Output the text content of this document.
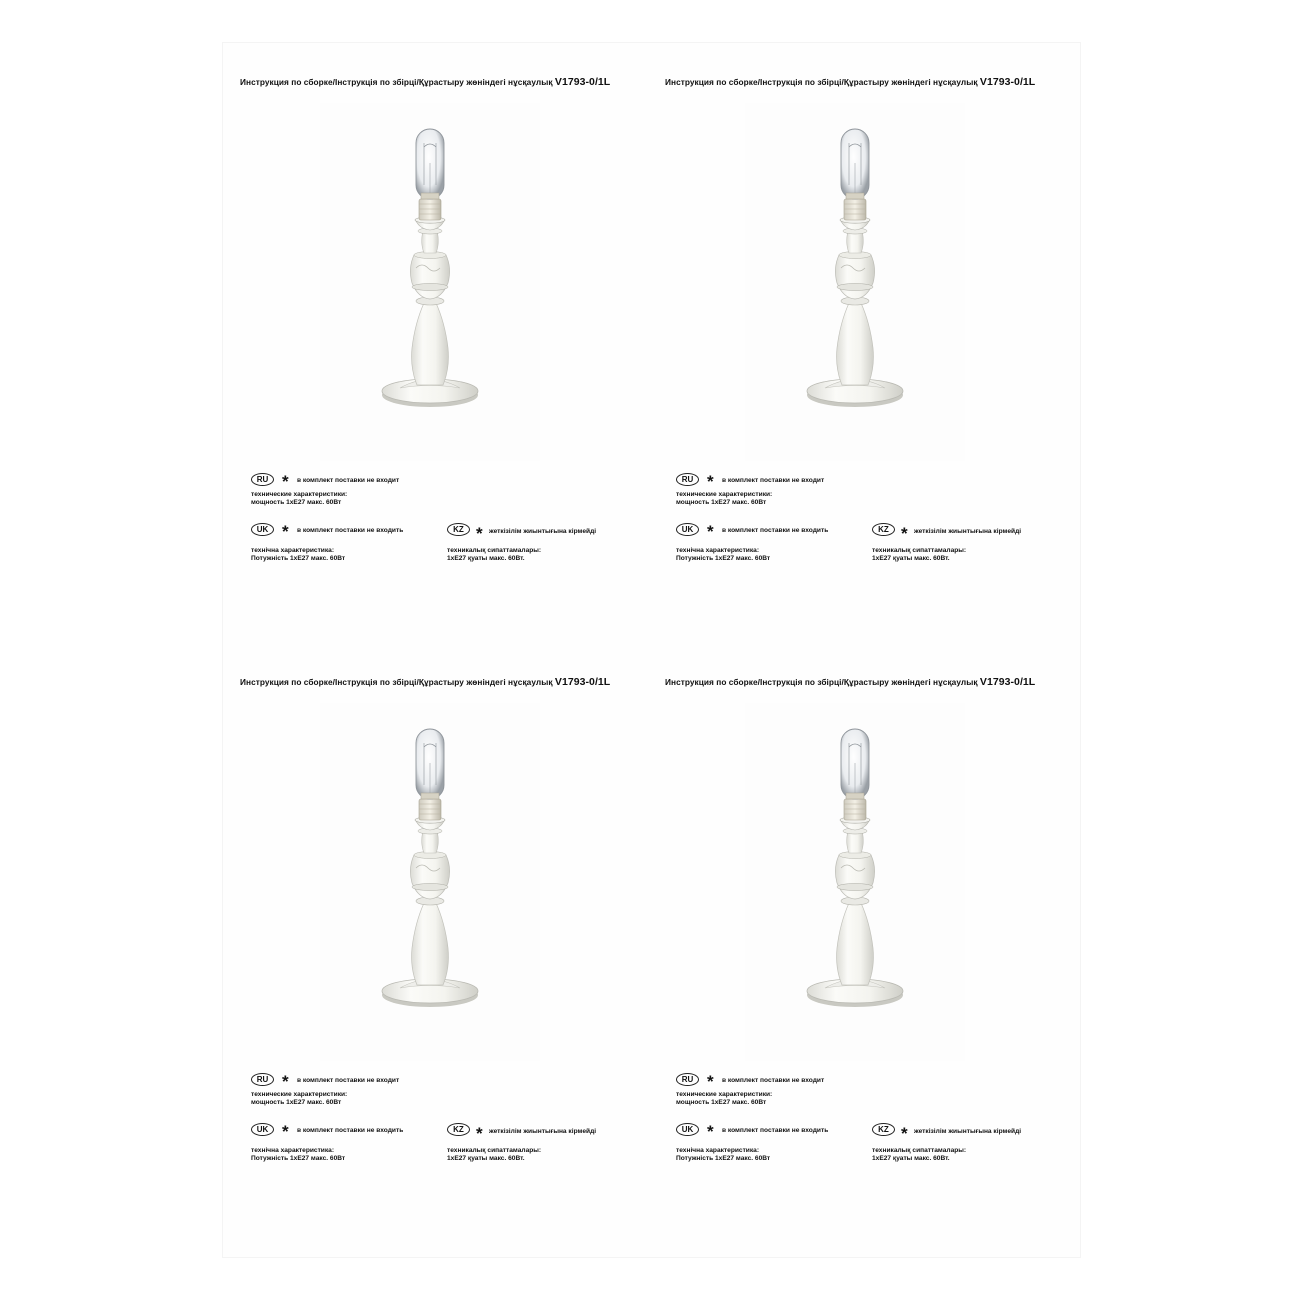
Инструкция по сборке/Інструкція по збірці/Құрастыру жөніндегі нұсқаулық V1793-0/1L
RU * в комплект поставки не входит
технические характеристики:
мощность 1хЕ27 макс. 60Вт
UK * в комплект поставки не входить
технічна характеристика:
Потужність 1хЕ27 макс. 60Вт
KZ * жеткізілім жиынтығына кірмейді
техникалық сипаттамалары:
1хЕ27 қуаты макс. 60Вт.
Инструкция по сборке/Інструкція по збірці/Құрастыру жөніндегі нұсқаулық V1793-0/1L
RU * в комплект поставки не входит
технические характеристики:
мощность 1хЕ27 макс. 60Вт
UK * в комплект поставки не входить
технічна характеристика:
Потужність 1хЕ27 макс. 60Вт
KZ * жеткізілім жиынтығына кірмейді
техникалық сипаттамалары:
1хЕ27 қуаты макс. 60Вт.
Инструкция по сборке/Інструкція по збірці/Құрастыру жөніндегі нұсқаулық V1793-0/1L
RU * в комплект поставки не входит
технические характеристики:
мощность 1хЕ27 макс. 60Вт
UK * в комплект поставки не входить
технічна характеристика:
Потужність 1хЕ27 макс. 60Вт
KZ * жеткізілім жиынтығына кірмейді
техникалық сипаттамалары:
1хЕ27 қуаты макс. 60Вт.
Инструкция по сборке/Інструкція по збірці/Құрастыру жөніндегі нұсқаулық V1793-0/1L
RU * в комплект поставки не входит
технические характеристики:
мощность 1хЕ27 макс. 60Вт
UK * в комплект поставки не входить
технічна характеристика:
Потужність 1хЕ27 макс. 60Вт
KZ * жеткізілім жиынтығына кірмейді
техникалық сипаттамалары:
1хЕ27 қуаты макс. 60Вт.
